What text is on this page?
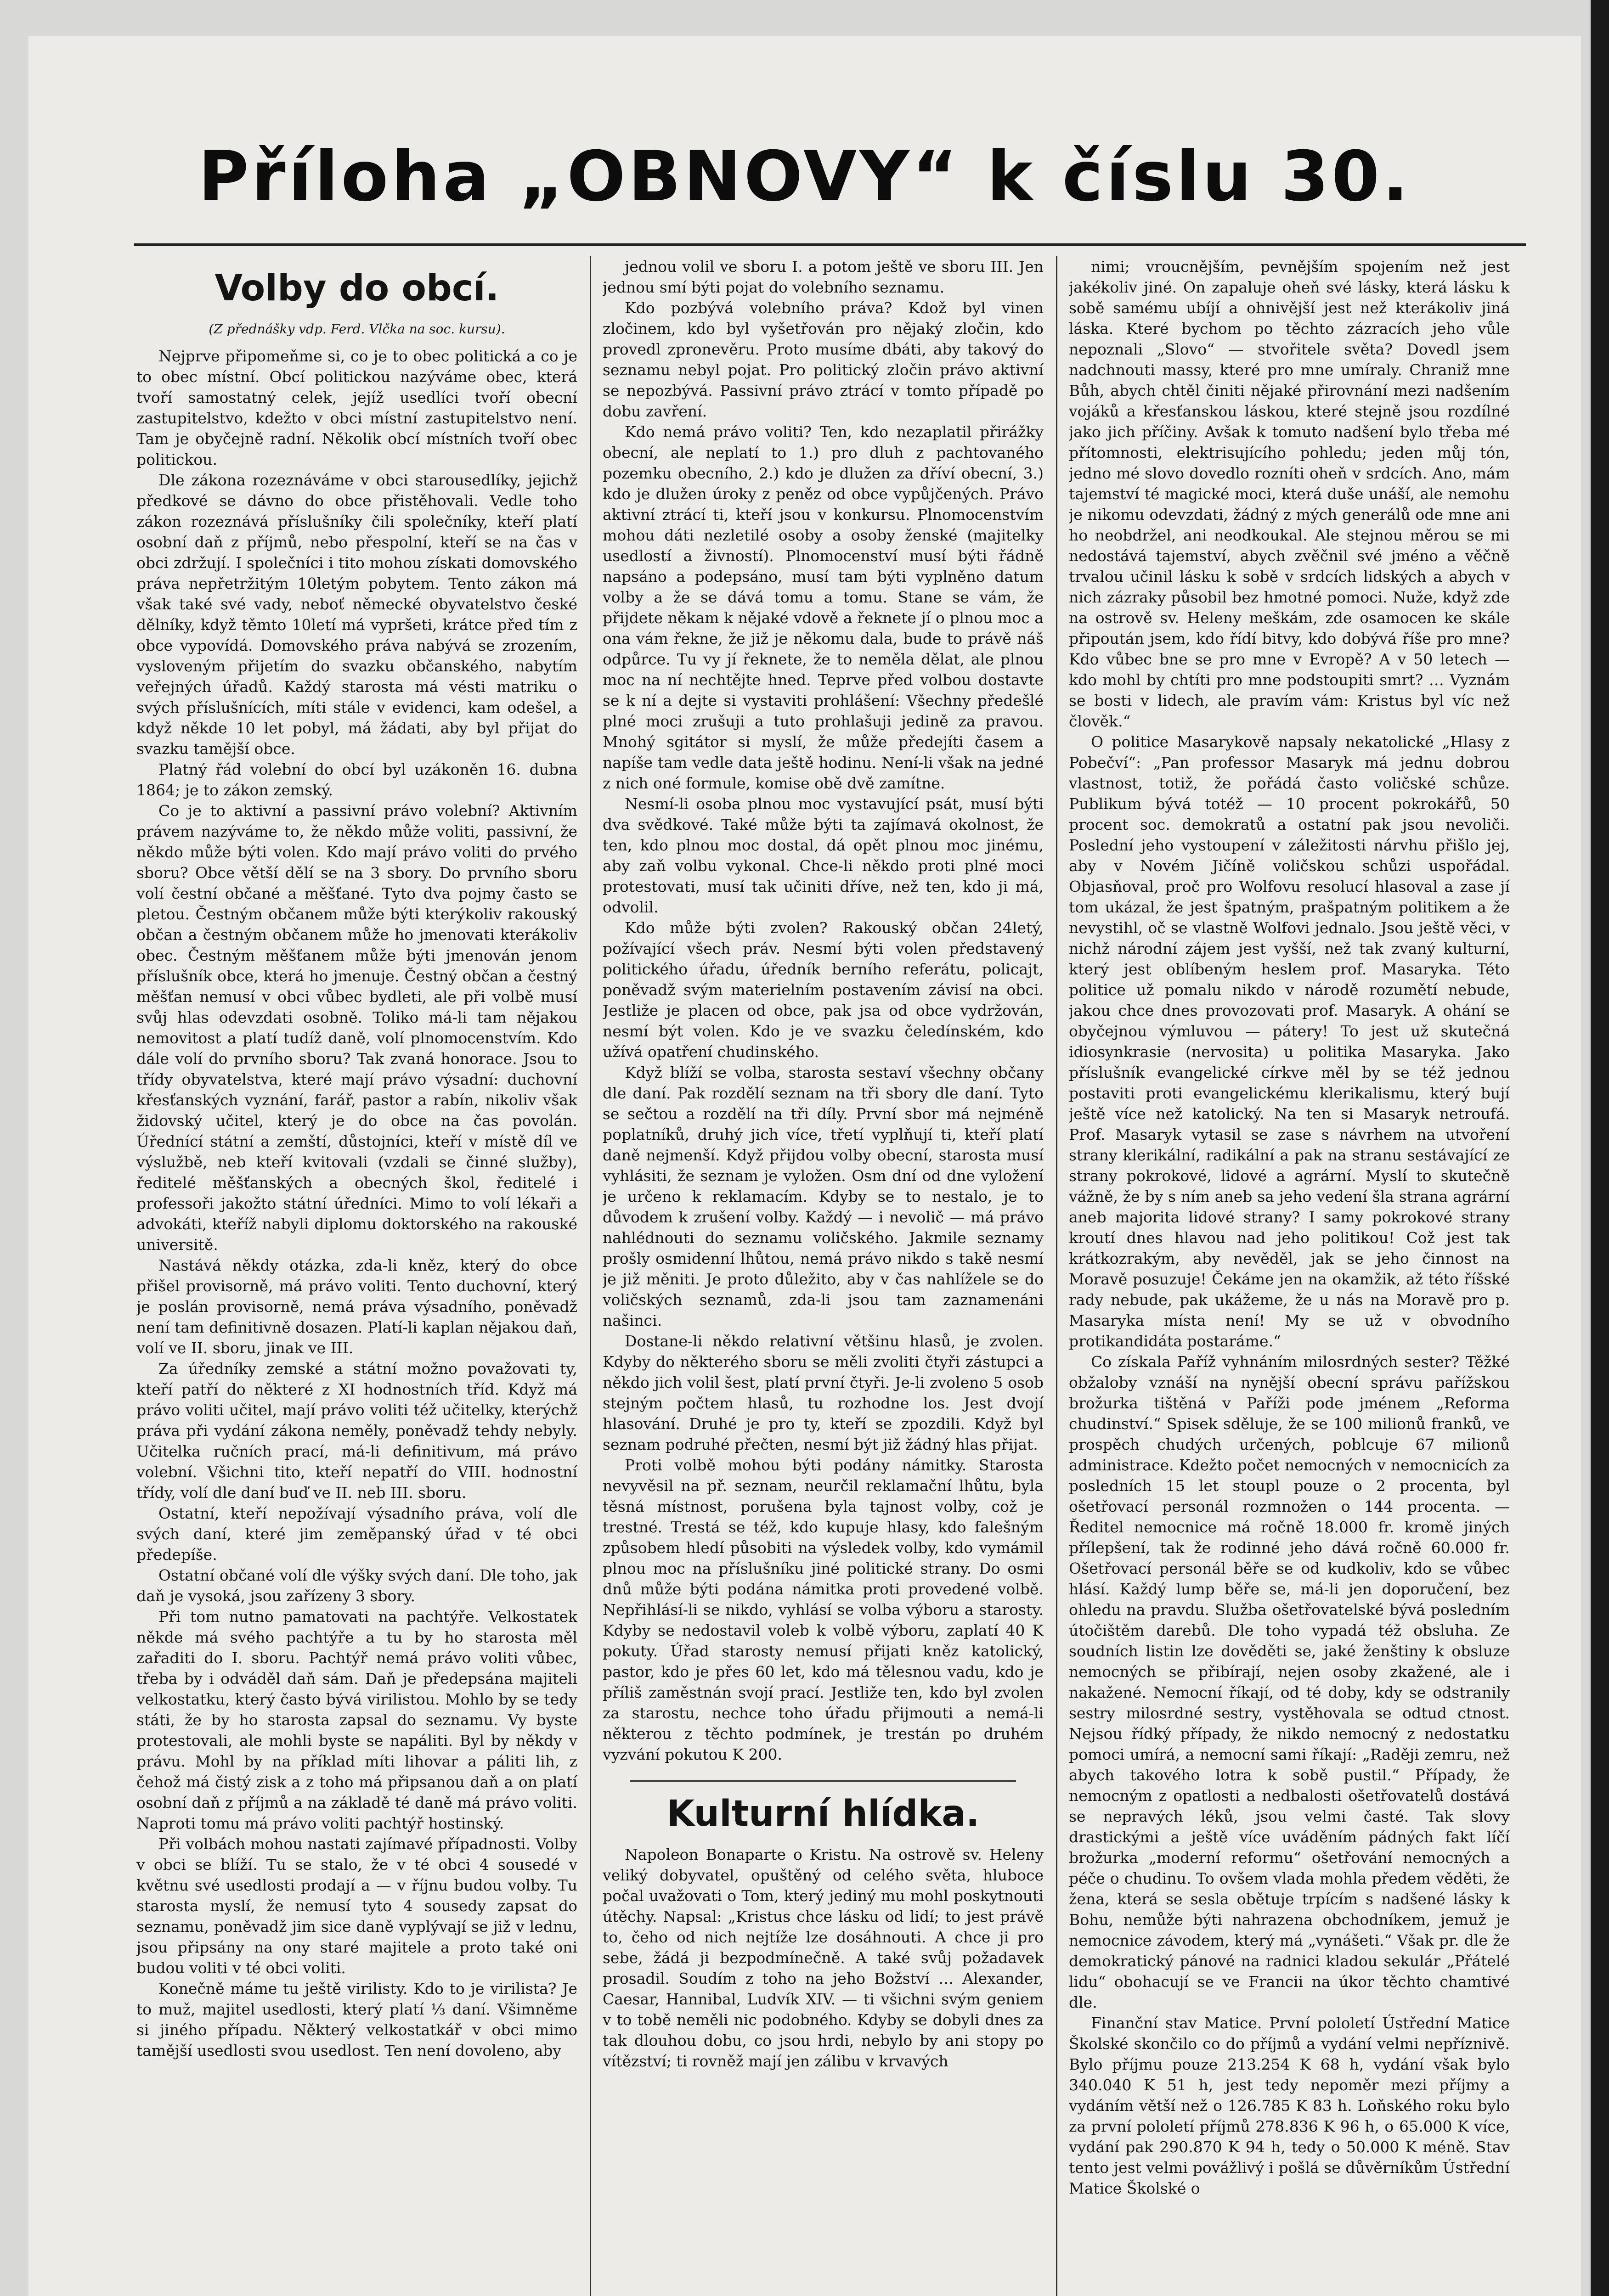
Příloha „OBNOVY“ k číslu 30.
Volby do obcí.
(Z přednášky vdp. Ferd. Vlčka na soc. kursu).

Nejprve připomeňme si, co je to obec politická a co je to obec místní. Obcí politickou nazýváme obec, která tvoří samostatný celek, jejíž usedlíci tvoří obecní zastupitelstvo, kdežto v obci místní zastupitelstvo není. Tam je obyčejně radní. Několik obcí místních tvoří obec politickou.

Dle zákona rozeznáváme v obci starousedlíky, jejichž předkové se dávno do obce přistěhovali. Vedle toho zákon rozeznává příslušníky čili společníky, kteří platí osobní daň z příjmů, nebo přespolní, kteří se na čas v obci zdržují. I společníci i tito mohou získati domovského práva nepřetržitým 10letým pobytem. Tento zákon má však také své vady, neboť německé obyvatelstvo české dělníky, když těmto 10letí má vypršeti, krátce před tím z obce vypovídá. Domovského práva nabývá se zrozením, vysloveným přijetím do svazku občanského, nabytím veřejných úřadů. Každý starosta má vésti matriku o svých příslušnících, míti stále v evidenci, kam odešel, a když někde 10 let pobyl, má žádati, aby byl přijat do svazku tamější obce.

Platný řád volební do obcí byl uzákoněn 16. dubna 1864; je to zákon zemský.

Co je to aktivní a passivní právo volební? Aktivním právem nazýváme to, že někdo může voliti, passivní, že někdo může býti volen. Kdo mají právo voliti do prvého sboru? Obce větší dělí se na 3 sbory. Do prvního sboru volí čestní občané a měšťané. Tyto dva pojmy často se pletou. Čestným občanem může býti kterýkoliv rakouský občan a čestným občanem může ho jmenovati kterákoliv obec. Čestným měšťanem může býti jmenován jenom příslušník obce, která ho jmenuje. Čestný občan a čestný měšťan nemusí v obci vůbec bydleti, ale při volbě musí svůj hlas odevzdati osobně. Toliko má-li tam nějakou nemovitost a platí tudíž daně, volí plnomocenstvím. Kdo dále volí do prvního sboru? Tak zvaná honorace. Jsou to třídy obyvatelstva, které mají právo výsadní: duchovní křesťanských vyznání, farář, pastor a rabín, nikoliv však židovský učitel, který je do obce na čas povolán. Úřednící státní a zemští, důstojníci, kteří v místě díl ve výslužbě, neb kteří kvitovali (vzdali se činné služby), ředitelé měšťanských a obecných škol, ředitelé i professoři jakožto státní úředníci. Mimo to volí lékaři a advokáti, kteříž nabyli diplomu doktorského na rakouské universitě.

Nastává někdy otázka, zda-li kněz, který do obce přišel provisorně, má právo voliti. Tento duchovní, který je poslán provisorně, nemá práva výsadního, poněvadž není tam definitivně dosazen. Platí-li kaplan nějakou daň, volí ve II. sboru, jinak ve III.

Za úředníky zemské a státní možno považovati ty, kteří patří do některé z XI hodnostních tříd. Když má právo voliti učitel, mají právo voliti též učitelky, kterýchž práva při vydání zákona neměly, poněvadž tehdy nebyly. Učitelka ručních prací, má-li definitivum, má právo volební. Všichni tito, kteří nepatří do VIII. hodnostní třídy, volí dle daní buď ve II. neb III. sboru.

Ostatní, kteří nepožívají výsadního práva, volí dle svých daní, které jim zeměpanský úřad v té obci předepíše.

Ostatní občané volí dle výšky svých daní. Dle toho, jak daň je vysoká, jsou zařízeny 3 sbory.

Při tom nutno pamatovati na pachtýře. Velkostatek někde má svého pachtýře a tu by ho starosta měl zařaditi do I. sboru. Pachtýř nemá právo voliti vůbec, třeba by i odváděl daň sám. Daň je předepsána majiteli velkostatku, který často bývá virilistou. Mohlo by se tedy státi, že by ho starosta zapsal do seznamu. Vy byste protestovali, ale mohli byste se napáliti. Byl by někdy v právu. Mohl by na příklad míti lihovar a páliti lih, z čehož má čistý zisk a z toho má připsanou daň a on platí osobní daň z příjmů a na základě té daně má právo voliti. Naproti tomu má právo voliti pachtýř hostinský.

Při volbách mohou nastati zajímavé případnosti. Volby v obci se blíží. Tu se stalo, že v té obci 4 sousedé v květnu své usedlosti prodají a — v říjnu budou volby. Tu starosta myslí, že nemusí tyto 4 sousedy zapsat do seznamu, poněvadž jim sice daně vyplývají se již v lednu, jsou připsány na ony staré majitele a proto také oni budou voliti v té obci voliti.

Konečně máme tu ještě virilisty. Kdo to je virilista? Je to muž, majitel usedlosti, který platí ⅓ daní. Všimněme si jiného případu. Některý velkostatkář v obci mimo tamější usedlosti svou usedlost. Ten není dovoleno, aby

jednou volil ve sboru I. a potom ještě ve sboru III. Jen jednou smí býti pojat do volebního seznamu.

Kdo pozbývá volebního práva? Kdož byl vinen zločinem, kdo byl vyšetřován pro nějaký zločin, kdo provedl zpronevěru. Proto musíme dbáti, aby takový do seznamu nebyl pojat. Pro politický zločin právo aktivní se nepozbývá. Passivní právo ztrácí v tomto případě po dobu zavření.

Kdo nemá právo voliti? Ten, kdo nezaplatil přirážky obecní, ale neplatí to 1.) pro dluh z pachtovaného pozemku obecního, 2.) kdo je dlužen za dříví obecní, 3.) kdo je dlužen úroky z peněz od obce vypůjčených. Právo aktivní ztrácí ti, kteří jsou v konkursu. Plnomocenstvím mohou dáti nezletilé osoby a osoby ženské (majitelky usedlostí a živností). Plnomocenství musí býti řádně napsáno a podepsáno, musí tam býti vyplněno datum volby a že se dává tomu a tomu. Stane se vám, že přijdete někam k nějaké vdově a řeknete jí o plnou moc a ona vám řekne, že již je někomu dala, bude to právě náš odpůrce. Tu vy jí řeknete, že to neměla dělat, ale plnou moc na ní nechtějte hned. Teprve před volbou dostavte se k ní a dejte si vystaviti prohlášení: Všechny předešlé plné moci zrušuji a tuto prohlašuji jedině za pravou. Mnohý sgitátor si myslí, že může předejíti časem a napíše tam vedle data ještě hodinu. Není-li však na jedné z nich oné formule, komise obě dvě zamítne.

Nesmí-li osoba plnou moc vystavující psát, musí býti dva svědkové. Také může býti ta zajímavá okolnost, že ten, kdo plnou moc dostal, dá opět plnou moc jinému, aby zaň volbu vykonal. Chce-li někdo proti plné moci protestovati, musí tak učiniti dříve, než ten, kdo ji má, odvolil.

Kdo může býti zvolen? Rakouský občan 24letý, požívající všech práv. Nesmí býti volen představený politického úřadu, úředník berního referátu, policajt, poněvadž svým materielním postavením závisí na obci. Jestliže je placen od obce, pak jsa od obce vydržován, nesmí být volen. Kdo je ve svazku čeledínském, kdo užívá opatření chudinského.

Když blíží se volba, starosta sestaví všechny občany dle daní. Pak rozdělí seznam na tři sbory dle daní. Tyto se sečtou a rozdělí na tři díly. První sbor má nejméně poplatníků, druhý jich více, třetí vyplňují ti, kteří platí daně nejmenší. Když přijdou volby obecní, starosta musí vyhlásiti, že seznam je vyložen. Osm dní od dne vyložení je určeno k reklamacím. Kdyby se to nestalo, je to důvodem k zrušení volby. Každý — i nevolič — má právo nahlédnouti do seznamu voličského. Jakmile seznamy prošly osmidenní lhůtou, nemá právo nikdo s takě nesmí je již měniti. Je proto důležito, aby v čas nahlížele se do voličských seznamů, zda-li jsou tam zaznamenáni našinci.

Dostane-li někdo relativní většinu hlasů, je zvolen. Kdyby do některého sboru se měli zvoliti čtyři zástupci a někdo jich volil šest, platí první čtyři. Je-li zvoleno 5 osob stejným počtem hlasů, tu rozhodne los. Jest dvojí hlasování. Druhé je pro ty, kteří se zpozdili. Když byl seznam podruhé přečten, nesmí být již žádný hlas přijat.

Proti volbě mohou býti podány námitky. Starosta nevyvěsil na př. seznam, neurčil reklamační lhůtu, byla těsná místnost, porušena byla tajnost volby, což je trestné. Trestá se též, kdo kupuje hlasy, kdo falešným způsobem hledí působiti na výsledek volby, kdo vymámil plnou moc na příslušníku jiné politické strany. Do osmi dnů může býti podána námitka proti provedené volbě. Nepřihlásí-li se nikdo, vyhlásí se volba výboru a starosty. Kdyby se nedostavil voleb k volbě výboru, zaplatí 40 K pokuty. Úřad starosty nemusí přijati kněz katolický, pastor, kdo je přes 60 let, kdo má tělesnou vadu, kdo je příliš zaměstnán svojí prací. Jestliže ten, kdo byl zvolen za starostu, nechce toho úřadu přijmouti a nemá-li některou z těchto podmínek, je trestán po druhém vyzvání pokutou K 200.

Kulturní hlídka.

Napoleon Bonaparte o Kristu. Na ostrově sv. Heleny veliký dobyvatel, opuštěný od celého světa, hlubocе počal uvažovati o Tom, který jediný mu mohl poskytnouti útěchy. Napsal: „Kristus chce lásku od lidí; to jest právě to, čeho od nich nejtíže lze dosáhnouti. A chce ji pro sebe, žádá ji bezpodmínečně. A také svůj požadavek prosadil. Soudím z toho na jeho Božství … Alexander, Caesar, Hannibal, Ludvík XIV. — ti všichni svým geniem v to tobě neměli nic podobného. Kdyby se dobyli dnes za tak dlouhou dobu, co jsou hrdi, nebylo by ani stopy po vítězství; ti rovněž mají jen zálibu v krvavých

nimi; vroucnějším, pevnějším spojením než jest jakékoliv jiné. On zapaluje oheň své lásky, která lásku k sobě samému ubíjí a ohnivější jest než kterákoliv jiná láska. Které bychom po těchto zázracích jeho vůle nepoznali „Slovo“ — stvořitele světa? Dovedl jsem nadchnouti massy, které pro mne umíraly. Chraniž mne Bůh, abych chtěl činiti nějaké přirovnání mezi nadšením vojáků a křesťanskou láskou, které stejně jsou rozdílné jako jich příčiny. Avšak k tomuto nadšení bylo třeba mé přítomnosti, elektrisujícího pohledu; jeden můj tón, jedno mé slovo dovedlo rozníti oheň v srdcích. Ano, mám tajemství té magické moci, která duše unáší, ale nemohu je nikomu odevzdati, žádný z mých generálů ode mne ani ho neobdržel, ani neodkoukal. Ale stejnou měrou se mi nedostává tajemství, abych zvěčnil své jméno a věčně trvalou učinil lásku k sobě v srdcích lidských a abych v nich zázraky působil bez hmotné pomoci. Nuže, když zde na ostrově sv. Heleny meškám, zde osamocen ke skále připoután jsem, kdo řídí bitvy, kdo dobývá říše pro mne? Kdo vůbec bne se pro mne v Evropě? A v 50 letech — kdo mohl by chtíti pro mne podstoupiti smrt? … Vyznám se bosti v lidech, ale pravím vám: Kristus byl víc než člověk.“

O politice Masarykově napsaly nekatolické „Hlasy z Pobečví“: „Pan professor Masaryk má jednu dobrou vlastnost, totiž, že pořádá často voličské schůze. Publikum bývá totéž — 10 procent pokrokářů, 50 procent soc. demokratů a ostatní pak jsou nevoliči. Poslední jeho vystoupení v záležitosti nárvhu přišlo jej, aby v Novém Jičíně voličskou schůzi uspořádal. Objasňoval, proč pro Wolfovu resolucí hlasoval a zase jí tom ukázal, že jest špatným, prašpatným politikem a že nevystihl, oč se vlastně Wolfovi jednalo. Jsou ještě věci, v nichž národní zájem jest vyšší, než tak zvaný kulturní, který jest oblíbeným heslem prof. Masaryka. Této politice už pomalu nikdo v národě rozumětí nebude, jakou chce dnes provozovati prof. Masaryk. A ohání se obyčejnou výmluvou — pátery! To jest už skutečná idiosynkrasie (nervosita) u politika Masaryka. Jako příslušník evangelické církve měl by se též jednou postaviti proti evangelickému klerikalismu, který bují ještě více než katolický. Na ten si Masaryk netroufá. Prof. Masaryk vytasil se zase s návrhem na utvoření strany klerikální, radikální a pak na stranu sestávající ze strany pokrokové, lidové a agrární. Myslí to skutečně vážně, že by s ním aneb sa jeho vedení šla strana agrární aneb majorita lidové strany? I samy pokrokové strany kroutí dnes hlavou nad jeho politikou! Což jest tak krátkozrakým, aby nevěděl, jak se jeho činnost na Moravě posuzuje! Čekáme jen na okamžik, až této říšské rady nebude, pak ukážeme, že u nás na Moravě pro p. Masaryka místa není! My se už v obvodního protikandidáta postaráme.“

Co získala Paříž vyhnáním milosrdných sester? Těžké obžaloby vznáší na nynější obecní správu pařížskou brožurka tištěná v Paříži pode jménem „Reforma chudinství.“ Spisek sděluje, že se 100 milionů franků, ve prospěch chudých určených, poblcuje 67 milionů administrace. Kdežto počet nemocných v nemocnicích za posledních 15 let stoupl pouze o 2 procenta, byl ošetřovací personál rozmnožen o 144 procenta. — Ředitel nemocnice má ročně 18.000 fr. kromě jiných přílepšení, tak že rodinné jeho dává ročně 60.000 fr. Ošetřovací personál běře se od kudkoliv, kdo se vůbec hlásí. Každý lump běře se, má-li jen doporučení, bez ohledu na pravdu. Služba ošetřovatelské bývá posledním útočištěm darebů. Dle toho vypadá též obsluha. Ze soudních listin lze dověděti se, jaké ženštiny k obsluze nemocných se přibírají, nejen osoby zkažené, ale i nakažené. Nemocní říkají, od té doby, kdy se odstranily sestry milosrdné sestry, vystěhovala se odtud ctnost. Nejsou řídký případy, že nikdo nemocný z nedostatku pomoci umírá, a nemocní sami říkají: „Raději zemru, než abych takového lotra k sobě pustil.“ Případy, že nemocným z opatlosti a nedbalosti ošetřovatelů dostává se nepravých léků, jsou velmi časté. Tak slovy drastickými a ještě více uváděním pádných fakt líčí brožurka „moderní reformu“ ošetřování nemocných a péče o chudinu. To ovšem vlada mohla předem věděti, že žena, která se sesla obětuje trpícím s nadšené lásky k Bohu, nemůže býti nahrazena obchodníkem, jemuž je nemocnice závodem, který má „vynášeti.“ Však pr. dle že demokratický pánové na radnici kladou sekulár „Přátelé lidu“ obohacují se ve Francii na úkor těchto chamtivé dle.

Finanční stav Matice. První pololetí Ústřední Matice Školské skončilo co do příjmů a vydání velmi nepříznivě. Bylo příjmu pouze 213.254 K 68 h, vydání však bylo 340.040 K 51 h, jest tedy nepoměr mezi příjmy a vydáním větší než o 126.785 K 83 h. Loňského roku bylo za první pololetí příjmů 278.836 K 96 h, o 65.000 K více, vydání pak 290.870 K 94 h, tedy o 50.000 K méně. Stav tento jest velmi povážlivý i pošlá se důvěrníkům Ústřední Matice Školské o
